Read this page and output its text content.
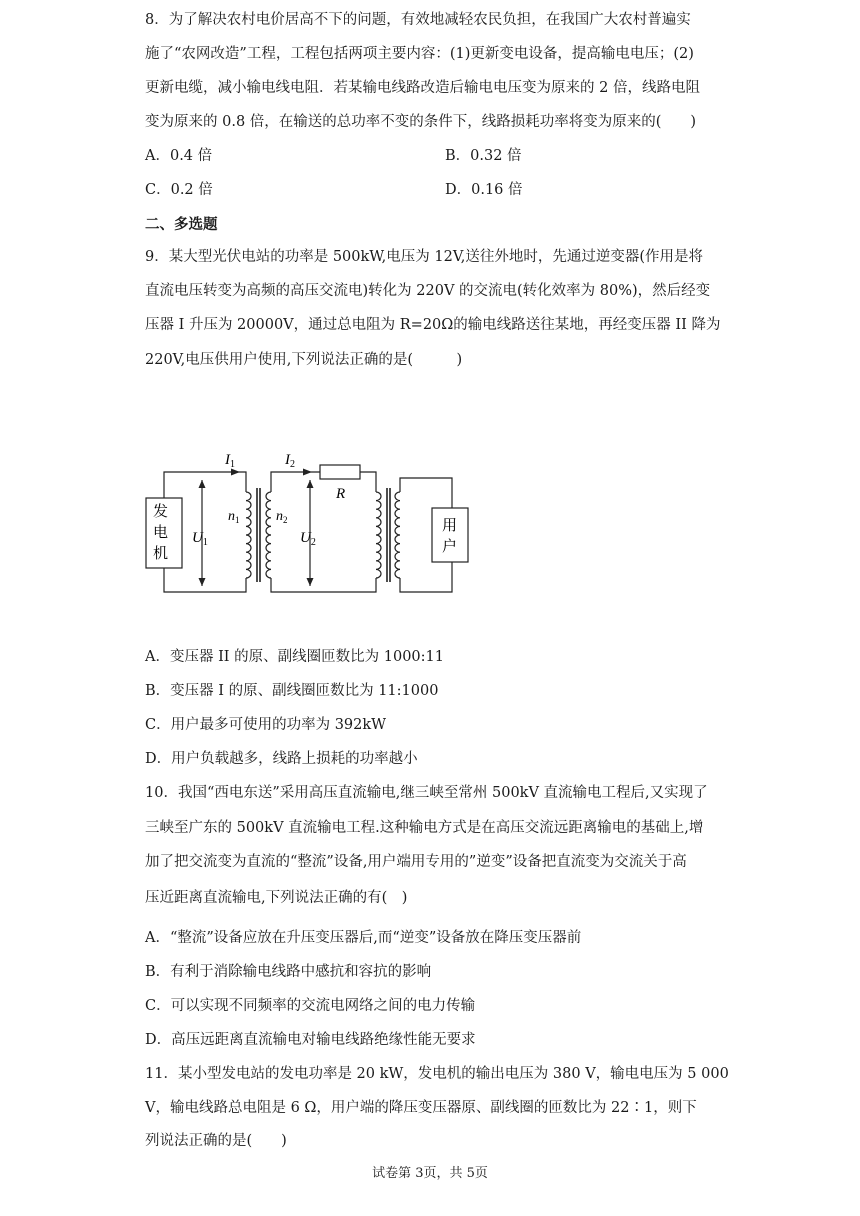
8．为了解决农村电价居高不下的问题，有效地减轻农民负担，在我国广大农村普遍实
施了“农网改造”工程，工程包括两项主要内容：(1)更新变电设备，提高输电电压；(2)
更新电缆，减小输电线电阻．若某输电线路改造后输电电压变为原来的 2 倍，线路电阻
变为原来的 0.8 倍，在输送的总功率不变的条件下，线路损耗功率将变为原来的(　　)
A．0.4 倍	B．0.32 倍
C．0.2 倍	D．0.16 倍
二、多选题
9．某大型光伏电站的功率是 500kW,电压为 12V,送往外地时，先通过逆变器(作用是将
直流电压转变为高频的高压交流电)转化为 220V 的交流电(转化效率为 80%)，然后经变
压器 I 升压为 20000V，通过总电阻为 R=20Ω的输电线路送往某地，再经变压器 II 降为
220V,电压供用户使用,下列说法正确的是(　　　)
发
电
机
用
户
$I_1$	$I_2$
$U_1$	$U_2$
$n_1$	$n_2$
R
A．变压器 II 的原、副线圈匝数比为 1000:11
B．变压器 I 的原、副线圈匝数比为 11:1000
C．用户最多可使用的功率为 392kW
D．用户负载越多，线路上损耗的功率越小
10．我国“西电东送”采用高压直流输电,继三峡至常州 500kV 直流输电工程后,又实现了
三峡至广东的 500kV 直流输电工程.这种输电方式是在高压交流远距离输电的基础上,增
加了把交流变为直流的“整流”设备,用户端用专用的”逆变”设备把直流变为交流关于高
压近距离直流输电,下列说法正确的有(　)
A．“整流”设备应放在升压变压器后,而“逆变”设备放在降压变压器前
B．有利于消除输电线路中感抗和容抗的影响
C．可以实现不同频率的交流电网络之间的电力传输
D．高压远距离直流输电对输电线路绝缘性能无要求
11．某小型发电站的发电功率是 20 kW，发电机的输出电压为 380 V，输电电压为 5 000
V，输电线路总电阻是 6 Ω，用户端的降压变压器原、副线圈的匝数比为 22∶1，则下
列说法正确的是(　　)
试卷第 3页，共 5页
